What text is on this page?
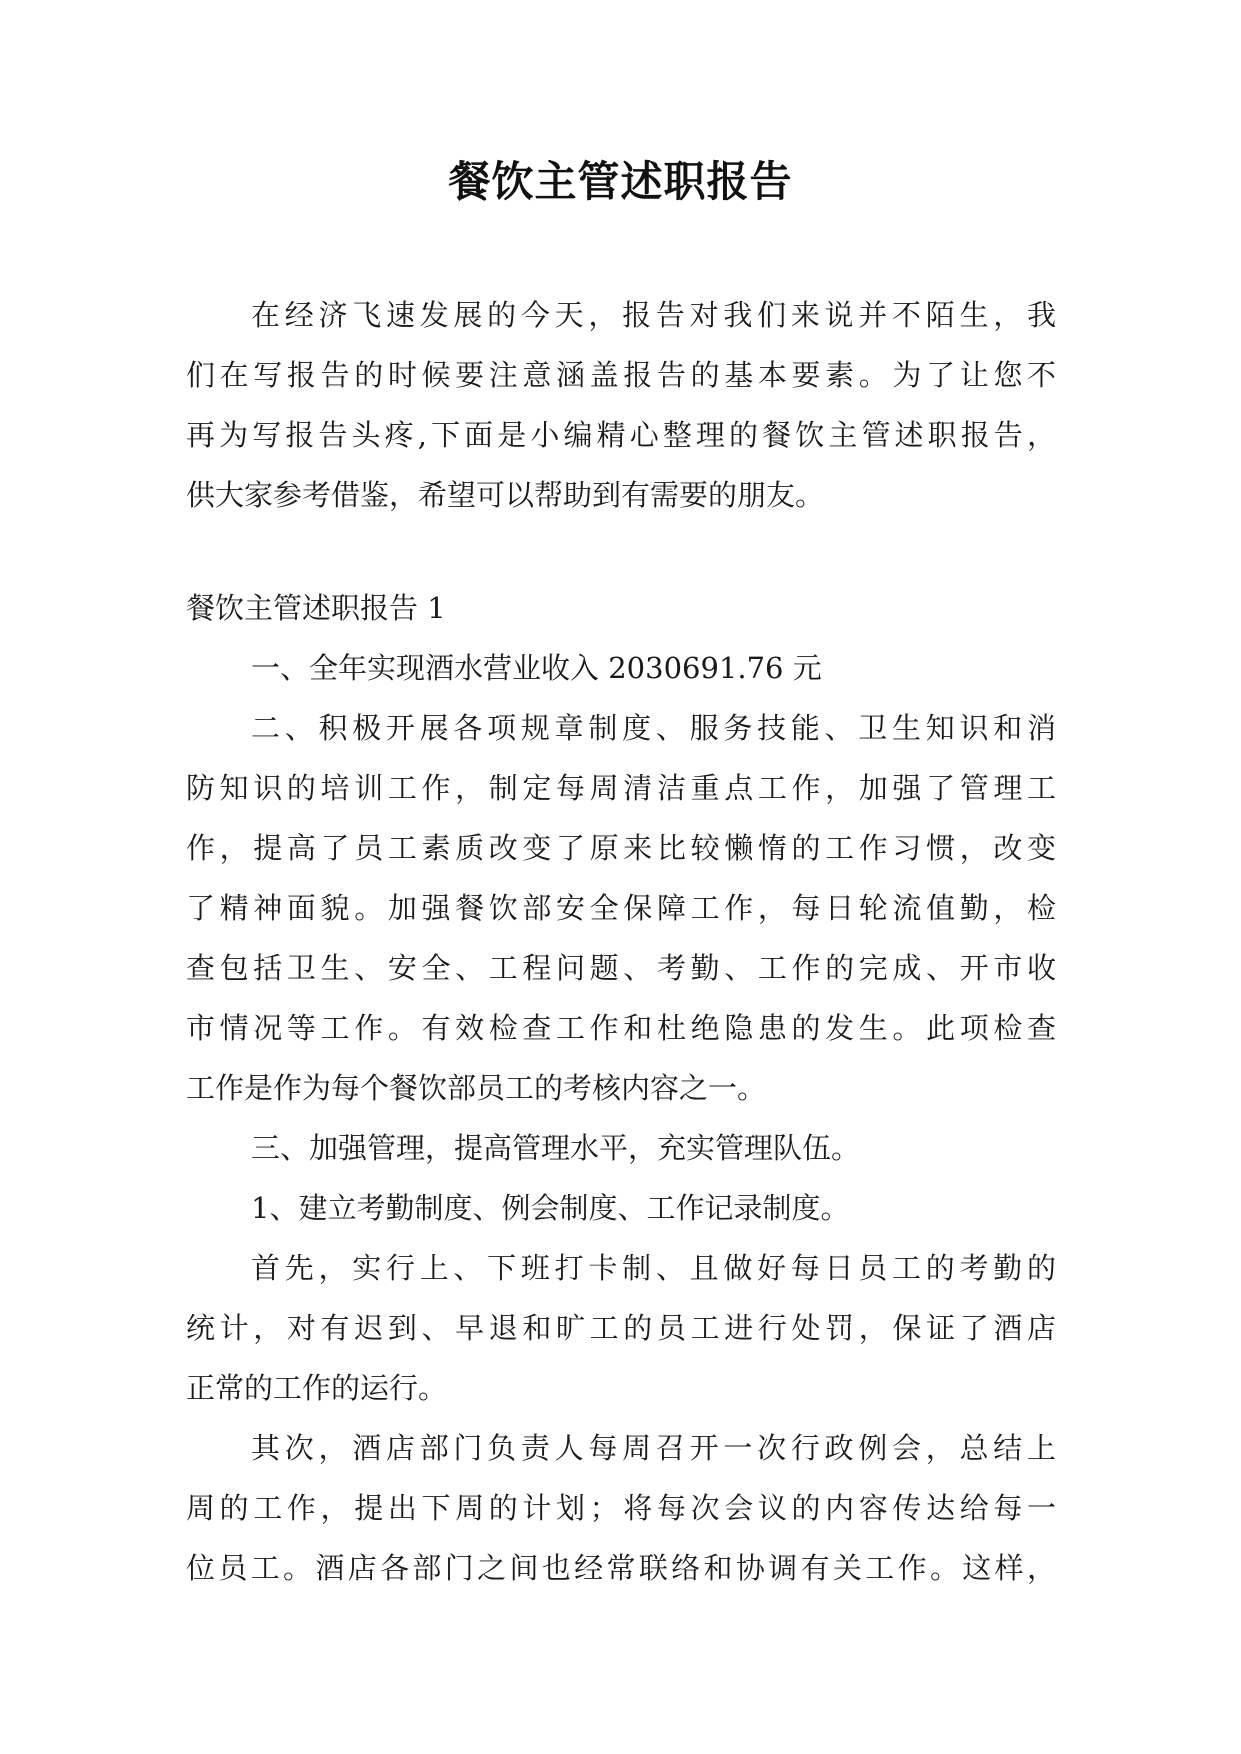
餐饮主管述职报告
在经济飞速发展的今天，报告对我们来说并不陌生，我
们在写报告的时候要注意涵盖报告的基本要素。为了让您不
再为写报告头疼,下面是小编精心整理的餐饮主管述职报告，
供大家参考借鉴，希望可以帮助到有需要的朋友。
餐饮主管述职报告 1
一、全年实现酒水营业收入 2030691.76 元
二、积极开展各项规章制度、服务技能、卫生知识和消
防知识的培训工作，制定每周清洁重点工作，加强了管理工
作，提高了员工素质改变了原来比较懒惰的工作习惯，改变
了精神面貌。加强餐饮部安全保障工作，每日轮流值勤，检
查包括卫生、安全、工程问题、考勤、工作的完成、开市收
市情况等工作。有效检查工作和杜绝隐患的发生。此项检查
工作是作为每个餐饮部员工的考核内容之一。
三、加强管理，提高管理水平，充实管理队伍。
1、建立考勤制度、例会制度、工作记录制度。
首先，实行上、下班打卡制、且做好每日员工的考勤的
统计，对有迟到、早退和旷工的员工进行处罚，保证了酒店
正常的工作的运行。
其次，酒店部门负责人每周召开一次行政例会，总结上
周的工作，提出下周的计划；将每次会议的内容传达给每一
位员工。酒店各部门之间也经常联络和协调有关工作。这样，
